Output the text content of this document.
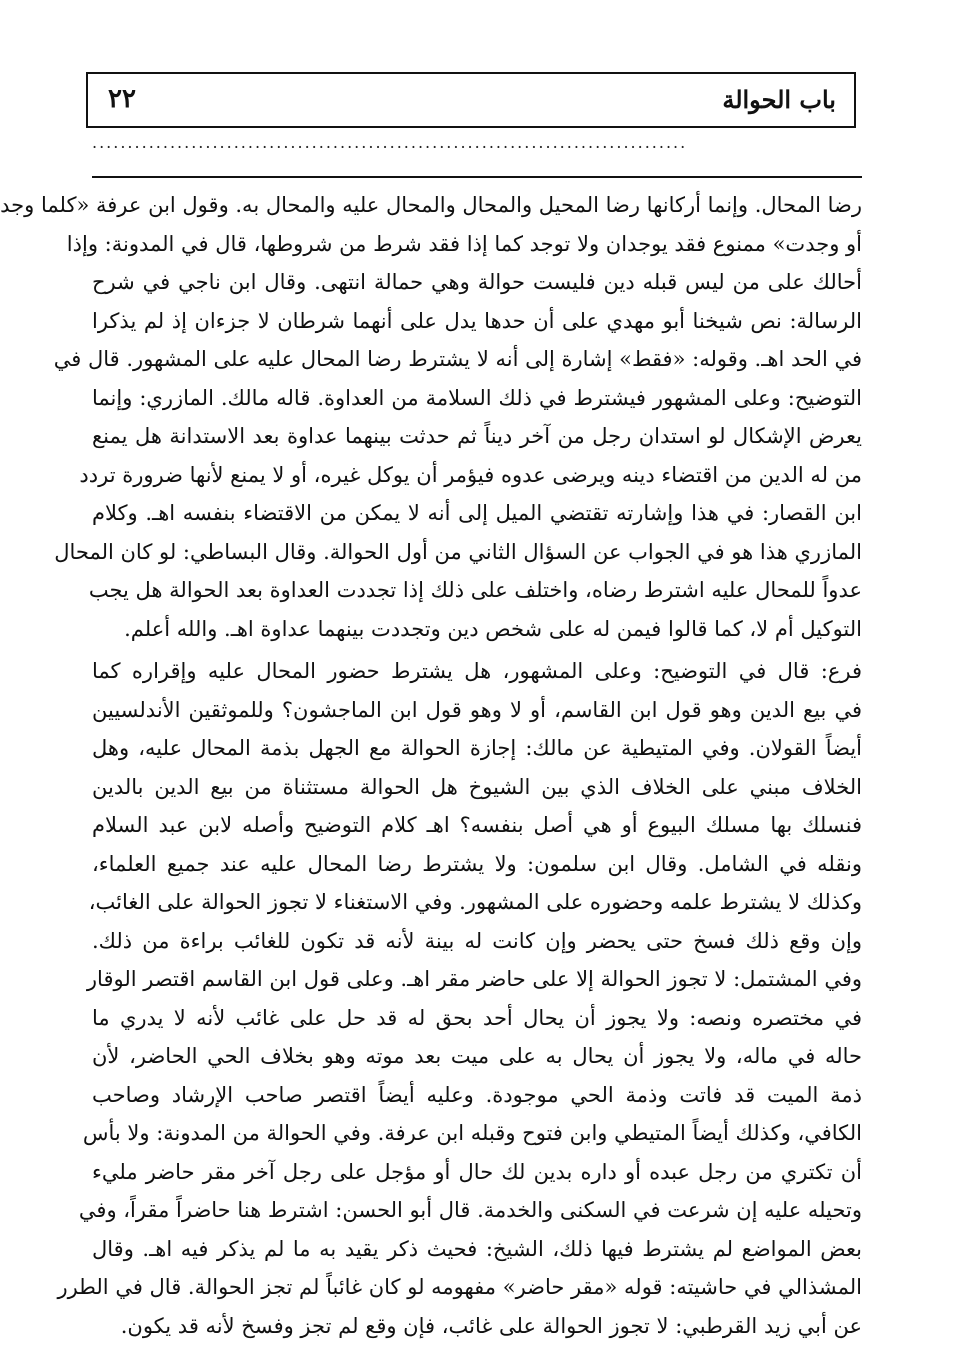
باب الحوالة
٢٢
....................................................................................
رضا المحال. وإنما أركانها رضا المحيل والمحال والمحال عليه والمحال به. وقول ابن عرفة «كلما وجد
أو وجدت» ممنوع فقد يوجدان ولا توجد كما إذا فقد شرط من شروطها، قال في المدونة: وإذا
أحالك على من ليس قبله دين فليست حوالة وهي حمالة انتهى. وقال ابن ناجي في شرح
الرسالة: نص شيخنا أبو مهدي على أن حدها يدل على أنهما شرطان لا جزءان إذ لم يذكرا
في الحد اهـ. وقوله: «فقط» إشارة إلى أنه لا يشترط رضا المحال عليه على المشهور. قال في
التوضيح: وعلى المشهور فيشترط في ذلك السلامة من العداوة. قاله مالك. المازري: وإنما
يعرض الإشكال لو استدان رجل من آخر ديناً ثم حدثت بينهما عداوة بعد الاستدانة هل يمنع
من له الدين من اقتضاء دينه ويرضى عدوه فيؤمر أن يوكل غيره، أو لا يمنع لأنها ضرورة تردد
ابن القصار: في هذا وإشارته تقتضي الميل إلى أنه لا يمكن من الاقتضاء بنفسه اهـ. وكلام
المازري هذا هو في الجواب عن السؤال الثاني من أول الحوالة. وقال البساطي: لو كان المحال
عدواً للمحال عليه اشترط رضاه، واختلف على ذلك إذا تجددت العداوة بعد الحوالة هل يجب
التوكيل أم لا، كما قالوا فيمن له على شخص دين وتجددت بينهما عداوة اهـ. والله أعلم.
فرع: قال في التوضيح: وعلى المشهور، هل يشترط حضور المحال عليه وإقراره كما
في بيع الدين وهو قول ابن القاسم، أو لا وهو قول ابن الماجشون؟ وللموثقين الأندلسيين
أيضاً القولان. وفي المتيطية عن مالك: إجازة الحوالة مع الجهل بذمة المحال عليه، وهل
الخلاف مبني على الخلاف الذي بين الشيوخ هل الحوالة مستثناة من بيع الدين بالدين
فنسلك بها مسلك البيوع أو هي أصل بنفسه؟ اهـ كلام التوضيح وأصله لابن عبد السلام
ونقله في الشامل. وقال ابن سلمون: ولا يشترط رضا المحال عليه عند جميع العلماء،
وكذلك لا يشترط علمه وحضوره على المشهور. وفي الاستغناء لا تجوز الحوالة على الغائب،
وإن وقع ذلك فسخ حتى يحضر وإن كانت له بينة لأنه قد تكون للغائب براءة من ذلك.
وفي المشتمل: لا تجوز الحوالة إلا على حاضر مقر اهـ. وعلى قول ابن القاسم اقتصر الوقار
في مختصره ونصه: ولا يجوز أن يحال أحد بحق له قد حل على غائب لأنه لا يدري ما
حاله في ماله، ولا يجوز أن يحال به على ميت بعد موته وهو بخلاف الحي الحاضر، لأن
ذمة الميت قد فاتت وذمة الحي موجودة. وعليه أيضاً اقتصر صاحب الإرشاد وصاحب
الكافي، وكذلك أيضاً المتيطي وابن فتوح وقبله ابن عرفة. وفي الحوالة من المدونة: ولا بأس
أن تكتري من رجل عبده أو داره بدين لك حال أو مؤجل على رجل آخر مقر حاضر مليء
وتحيله عليه إن شرعت في السكنى والخدمة. قال أبو الحسن: اشترط هنا حاضراً مقراً، وفي
بعض المواضع لم يشترط فيها ذلك، الشيخ: فحيث ذكر يقيد به ما لم يذكر فيه اهـ. وقال
المشذالي في حاشيته: قوله «مقر حاضر» مفهومه لو كان غائباً لم تجز الحوالة. قال في الطرر
عن أبي زيد القرطبي: لا تجوز الحوالة على غائب، فإن وقع لم تجز وفسخ لأنه قد يكون.
